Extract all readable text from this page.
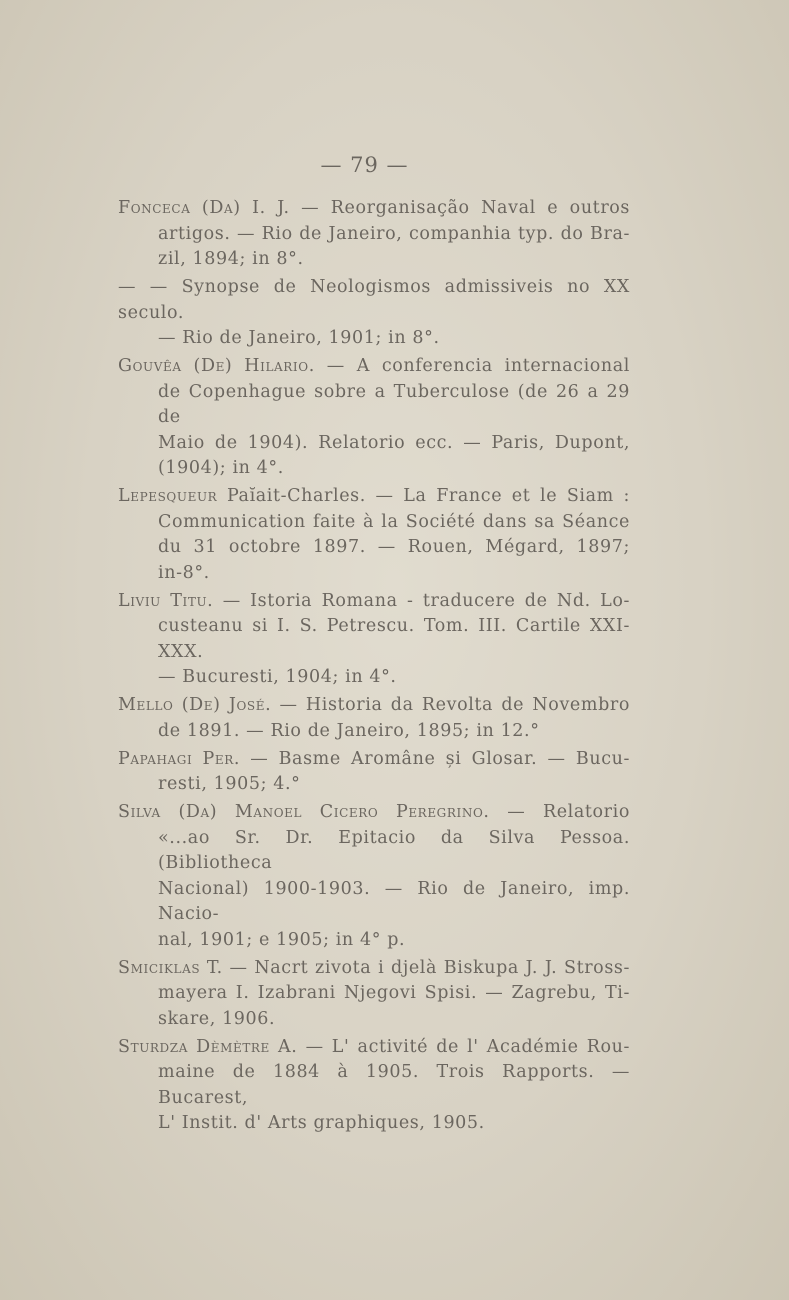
— 79 —
Fonceca (Da) I. J. — Reorganisação Naval e outros
artigos. — Rio de Janeiro, companhia typ. do Bra-
zil, 1894; in 8°.
— — Synopse de Neologismos admissiveis no XX seculo.
— Rio de Janeiro, 1901; in 8°.
Gouvêa (De) Hilario. — A conferencia internacional
de Copenhague sobre a Tuberculose (de 26 a 29 de
Maio de 1904). Relatorio ecc. — Paris, Dupont,
(1904); in 4°.
Lepesqueur Paĭait-Charles. — La France et le Siam :
Communication faite à la Société dans sa Séance
du 31 octobre 1897. — Rouen, Mégard, 1897;
in-8°.
Liviu Titu. — Istoria Romana - traducere de Nd. Lo-
custeanu si I. S. Petrescu. Tom. III. Cartile XXI-XXX.
— Bucuresti, 1904; in 4°.
Mello (De) José. — Historia da Revolta de Novembro
de 1891. — Rio de Janeiro, 1895; in 12.°
Papahagi Per. — Basme Aromâne și Glosar. — Bucu-
resti, 1905; 4.°
Silva (Da) Manoel Cicero Peregrino. — Relatorio
«...ao Sr. Dr. Epitacio da Silva Pessoa. (Bibliotheca
Nacional) 1900-1903. — Rio de Janeiro, imp. Nacio-
nal, 1901; e 1905; in 4° p.
Smiciklas T. — Naсrt zivota i djelà Biskupa J. J. Stross-
mayera I. Izabrani Njegovi Spisi. — Zagrebu, Ti-
skare, 1906.
Sturdza Dèmètre A. — L' activité de l' Académie Rou-
maine de 1884 à 1905. Trois Rapports. — Bucarest,
L' Instit. d' Arts graphiques, 1905.
